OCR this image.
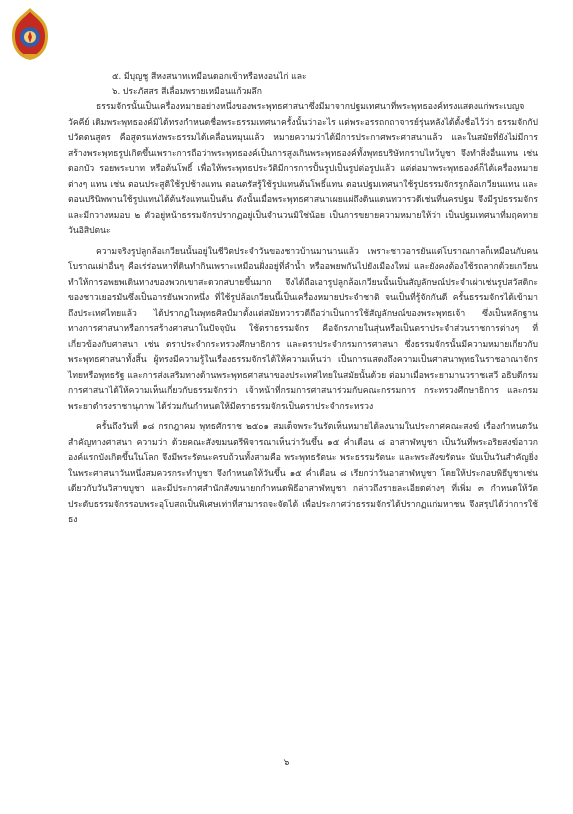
๕. มีบุญชู สีหงสนาทเหมือนดอกเข้าหรือหงอนไก่ และ
๖. ประภัสสร สีเลื่อมพรายเหมือนแก้วผลึก

ธรรมจักรนั้นเป็นเครื่องหมายอย่างหนึ่งของพระพุทธศาสนาซึ่งมีมาจากปฐมเทศนาที่พระพุทธองค์ทรงแสดงแก่พระเบญจวัคคีย์ เดิมพระพุทธองค์มิได้ทรงกำหนดชื่อพระธรรมเทศนาครั้งนั้นว่าอะไร แต่พระอรรถกถาจารย์รุ่นหลังได้ตั้งชื่อไว้ว่า ธรรมจักกัปปวัตตนสูตร คือสูตรแห่งพระธรรมได้เคลื่อนหมุนแล้ว หมายความว่าได้มีการประกาศพระศาสนาแล้ว และในสมัยที่ยังไม่มีการสร้างพระพุทธรูปเกิดขึ้นเพราะการถือว่าพระพุทธองค์เป็นการสูงเกินพระพุทธองค์ทั้งพุทธบริษัทกราบไหว้บูชา จึงทำสิ่งอื่นแทน เช่น ดอกบัว รอยพระบาท หรือต้นโพธิ์ เพื่อให้พระพุทธประวัติมีการการปั้นรูปเป็นรูปต่อรูปแล้ว แต่ต่อมาพระพุทธองค์ก็ได้เครื่องหมายต่างๆ แทน เช่น ตอนประสูติใช้รูปช้างแทน ตอนตรัสรู้ใช้รูปแทนต้นโพธิ์แทน ตอนปฐมเทศนาใช้รูปธรรมจักรรูกล้อเกวียนแทน และตอนปรินิพพานใช้รูปแทนได้ต้นรังแทนเป็นต้น ดังนั้นเมื่อพระพุทธศาสนาเผยแผ่ถึงดินแดนทวารวดีเช่นที่นครปฐม จึงมีรูปธรรมจักรและมีกวางหมอบ ๒ ตัวอยู่หน้าธรรมจักรปรากฏอยู่เป็นจำนวนมิใช่น้อย เป็นการขยายความหมายให้ว่า เป็นปฐมเทศนาที่มฤคทายวันอิสิปตนะ

ความจริงรูปลูกล้อเกวียนนั้นอยู่ในชีวิตประจำวันของชาวบ้านมานานแล้ว เพราะชาวอารยันแต่โบราณกาลก็เหมือนกับคนโบราณเผ่าอื่นๆ คือเร่ร่อนหาที่ดินทำกินเพราะเหมือนฝั่งอยู่ที่ลำน้ำ หรืออพยพกันไปยังเมืองใหม่ และยังคงต้องใช้รถลากด้วยเกวียน ทำให้การอพยพเดินทางของพวกเขาสะดวกสบายขึ้นมาก จึงได้ถือเอารูปลูกล้อเกวียนนั้นเป็นสัญลักษณ์ประจำเผ่าเช่นรูปสวัสดิกะของชาวเยอรมันซึ่งเป็นอารยันพวกหนึ่ง ที่ใช้รูปล้อเกวียนนี้เป็นเครื่องหมายประจำชาติ จนเป็นที่รู้จักกันดี ครั้นธรรมจักรได้เข้ามาถึงประเทศไทยแล้ว ได้ปรากฏในพุทธศิลป์มาตั้งแต่สมัยทวารวดีถือว่าเป็นการใช้สัญลักษณ์ของพระพุทธเจ้า ซึ่งเป็นหลักฐานทางการศาสนาหรือการสร้างศาสนาในปัจจุบัน ใช้ตราธรรมจักร คือจักรภายในสุ่นหรือเป็นตราประจำส่วนราชการต่างๆ ที่เกี่ยวข้องกับศาสนา เช่น ตราประจำกระทรวงศึกษาธิการ และตราประจำกรมการศาสนา ซึ่งธรรมจักรนั้นมีความหมายเกี่ยวกับพระพุทธศาสนาทั้งสิ้น ผู้ทรงมีความรู้ในเรื่องธรรมจักรได้ให้ความเห็นว่า เป็นการแสดงถึงความเป็นศาสนาพุทธในราชอาณาจักรไทยหรือพุทธรัฐ และการส่งเสริมทางด้านพระพุทธศาสนาของประเทศไทยในสมัยนั้นด้วย ต่อมาเมื่อพระยามานวราชเสวี อธิบดีกรมการศาสนาได้ให้ความเห็นเกี่ยวกับธรรมจักรว่า เจ้าหน้าที่กรมการศาสนาร่วมกับคณะกรรมการ กระทรวงศึกษาธิการ และกรมพระยาดำรงราชานุภาพ ได้ร่วมกันกำหนดให้มีตราธรรมจักรเป็นตราประจำกระทรวง

ครั้นถึงวันที่ ๑๘ กรกฎาคม พุทธศักราช ๒๕๐๑ สมเด็จพระวันรัตเห็นหมายได้ลงนามในประกาศคณะสงฆ์ เรื่องกำหนดวันสำคัญทางศาสนา ความว่า ด้วยคณะสังฆมนตรีพิจารณาเห็นว่าวันขึ้น ๑๕ ค่ำเดือน ๘ อาสาฬหบูชา เป็นวันที่พระอริยสงฆ์อาวกองค์แรกบังเกิดขึ้นในโลก จึงมีพระรัตนะครบถ้วนทั้งสามคือ พระพุทธรัตนะ พระธรรมรัตนะ และพระสังฆรัตนะ นับเป็นวันสำคัญยิ่งในพระศาสนาวันหนึ่งสมควรกระทำบูชา จึงกำหนดให้วันขึ้น ๑๕ ค่ำเดือน ๘ เรียกว่าวันอาสาฬหบูชา โดยให้ประกอบพิธีบูชาเช่นเดียวกับวันวิสาขบูชา และมีประกาศสำนักสังฆนายกกำหนดพิธีอาสาฬหบูชา กล่าวถึงรายละเอียดต่างๆ ที่เพิ่ม ๓ กำหนดให้วัดประดับธรรมจักรรอบพระอุโบสถเป็นพิเศษเท่าที่สามารถจะจัดได้ เพื่อประกาศว่าธรรมจักรได้ปรากฏแก่มหาชน จึงสรุปได้ว่าการใช้ธง

๖
